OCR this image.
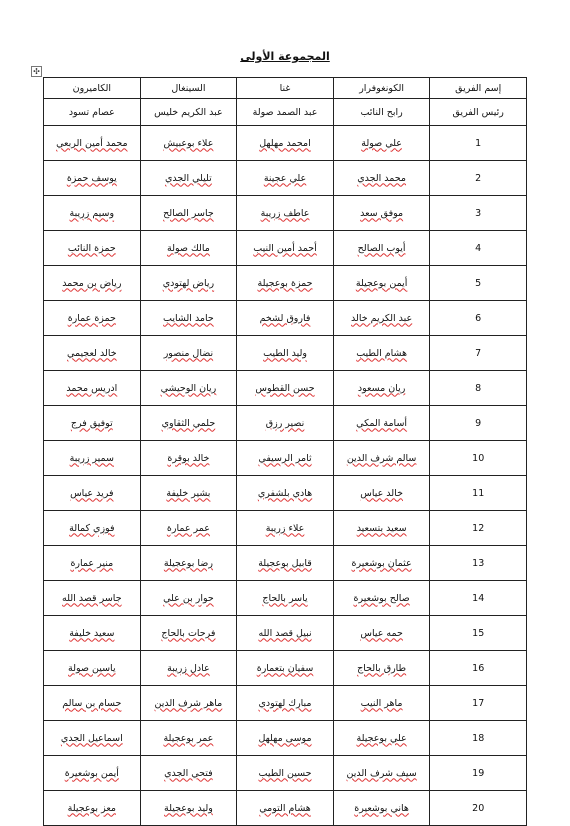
المجموعة الأولى
✣
إسم الفريق	الكونغوفرار	غنا	السينغال	الكاميرون
رئيس الفريق	رابح النائب	عبد الصمد صولة	عبد الكريم خليس	عصام تسود
1	علي صولة	امحمد مهلهل	علاء بوعبيش	محمد أمين الربعي
2	محمد الجدي	علي عجينة	تليلي الجدي	يوسف حمزة
3	موفق سعد	عاطف زريبة	جاسر الصالح	وسيم زريبة
4	أيوب الصالح	أحمد أمين النيب	مالك صولة	حمزة النائب
5	أيمن بوعجيلة	حمزة بوعجيلة	رياض لهتودي	رياض بن محمد
6	عبد الكريم خالد	فاروق لشخم	حامد الشايب	حمزة عمارة
7	هشام الطيب	وليد الطيب	نضال منصور	خالد لعجيمي
8	ريان مسعود	حسن القطوس	ريان الوحيشي	ادريس محمد
9	أسامة المكي	نصير رزق	حلمي الثقاوي	توفيق فرج
10	سالم شرف الدين	ثامر الرسيفي	خالد بوقرة	سمير زريبة
11	خالد عياس	هادي بلشفري	بشير خليفة	فريد عياس
12	سعيد بتسعيد	علاء زريبة	عمر عمارة	فوزي كمالة
13	عثمان بوشعيرة	قابيل بوعجيلة	رضا بوعجيلة	منير عمارة
14	صالح بوشعيرة	ياسر بالحاج	حوار بن علي	جاسر قصد الله
15	حمه عياس	نبيل قصد الله	فرحات بالحاج	سعيد خليفة
16	طارق بالحاج	سفيان بتعمارة	عادل زريبة	ياسين صولة
17	ماهر النيب	مبارك لهتودي	ماهر شرف الدين	حسام بن سالم
18	علي بوعجيلة	موسى مهلهل	عمر بوعجيلة	اسماعيل الجدي
19	سيف شرف الدين	حسين الطيب	فتحي الجدي	أيمن بوشعيرة
20	هاني بوشعيرة	هشام التومي	وليد بوعجيلة	معز بوعجيلة
